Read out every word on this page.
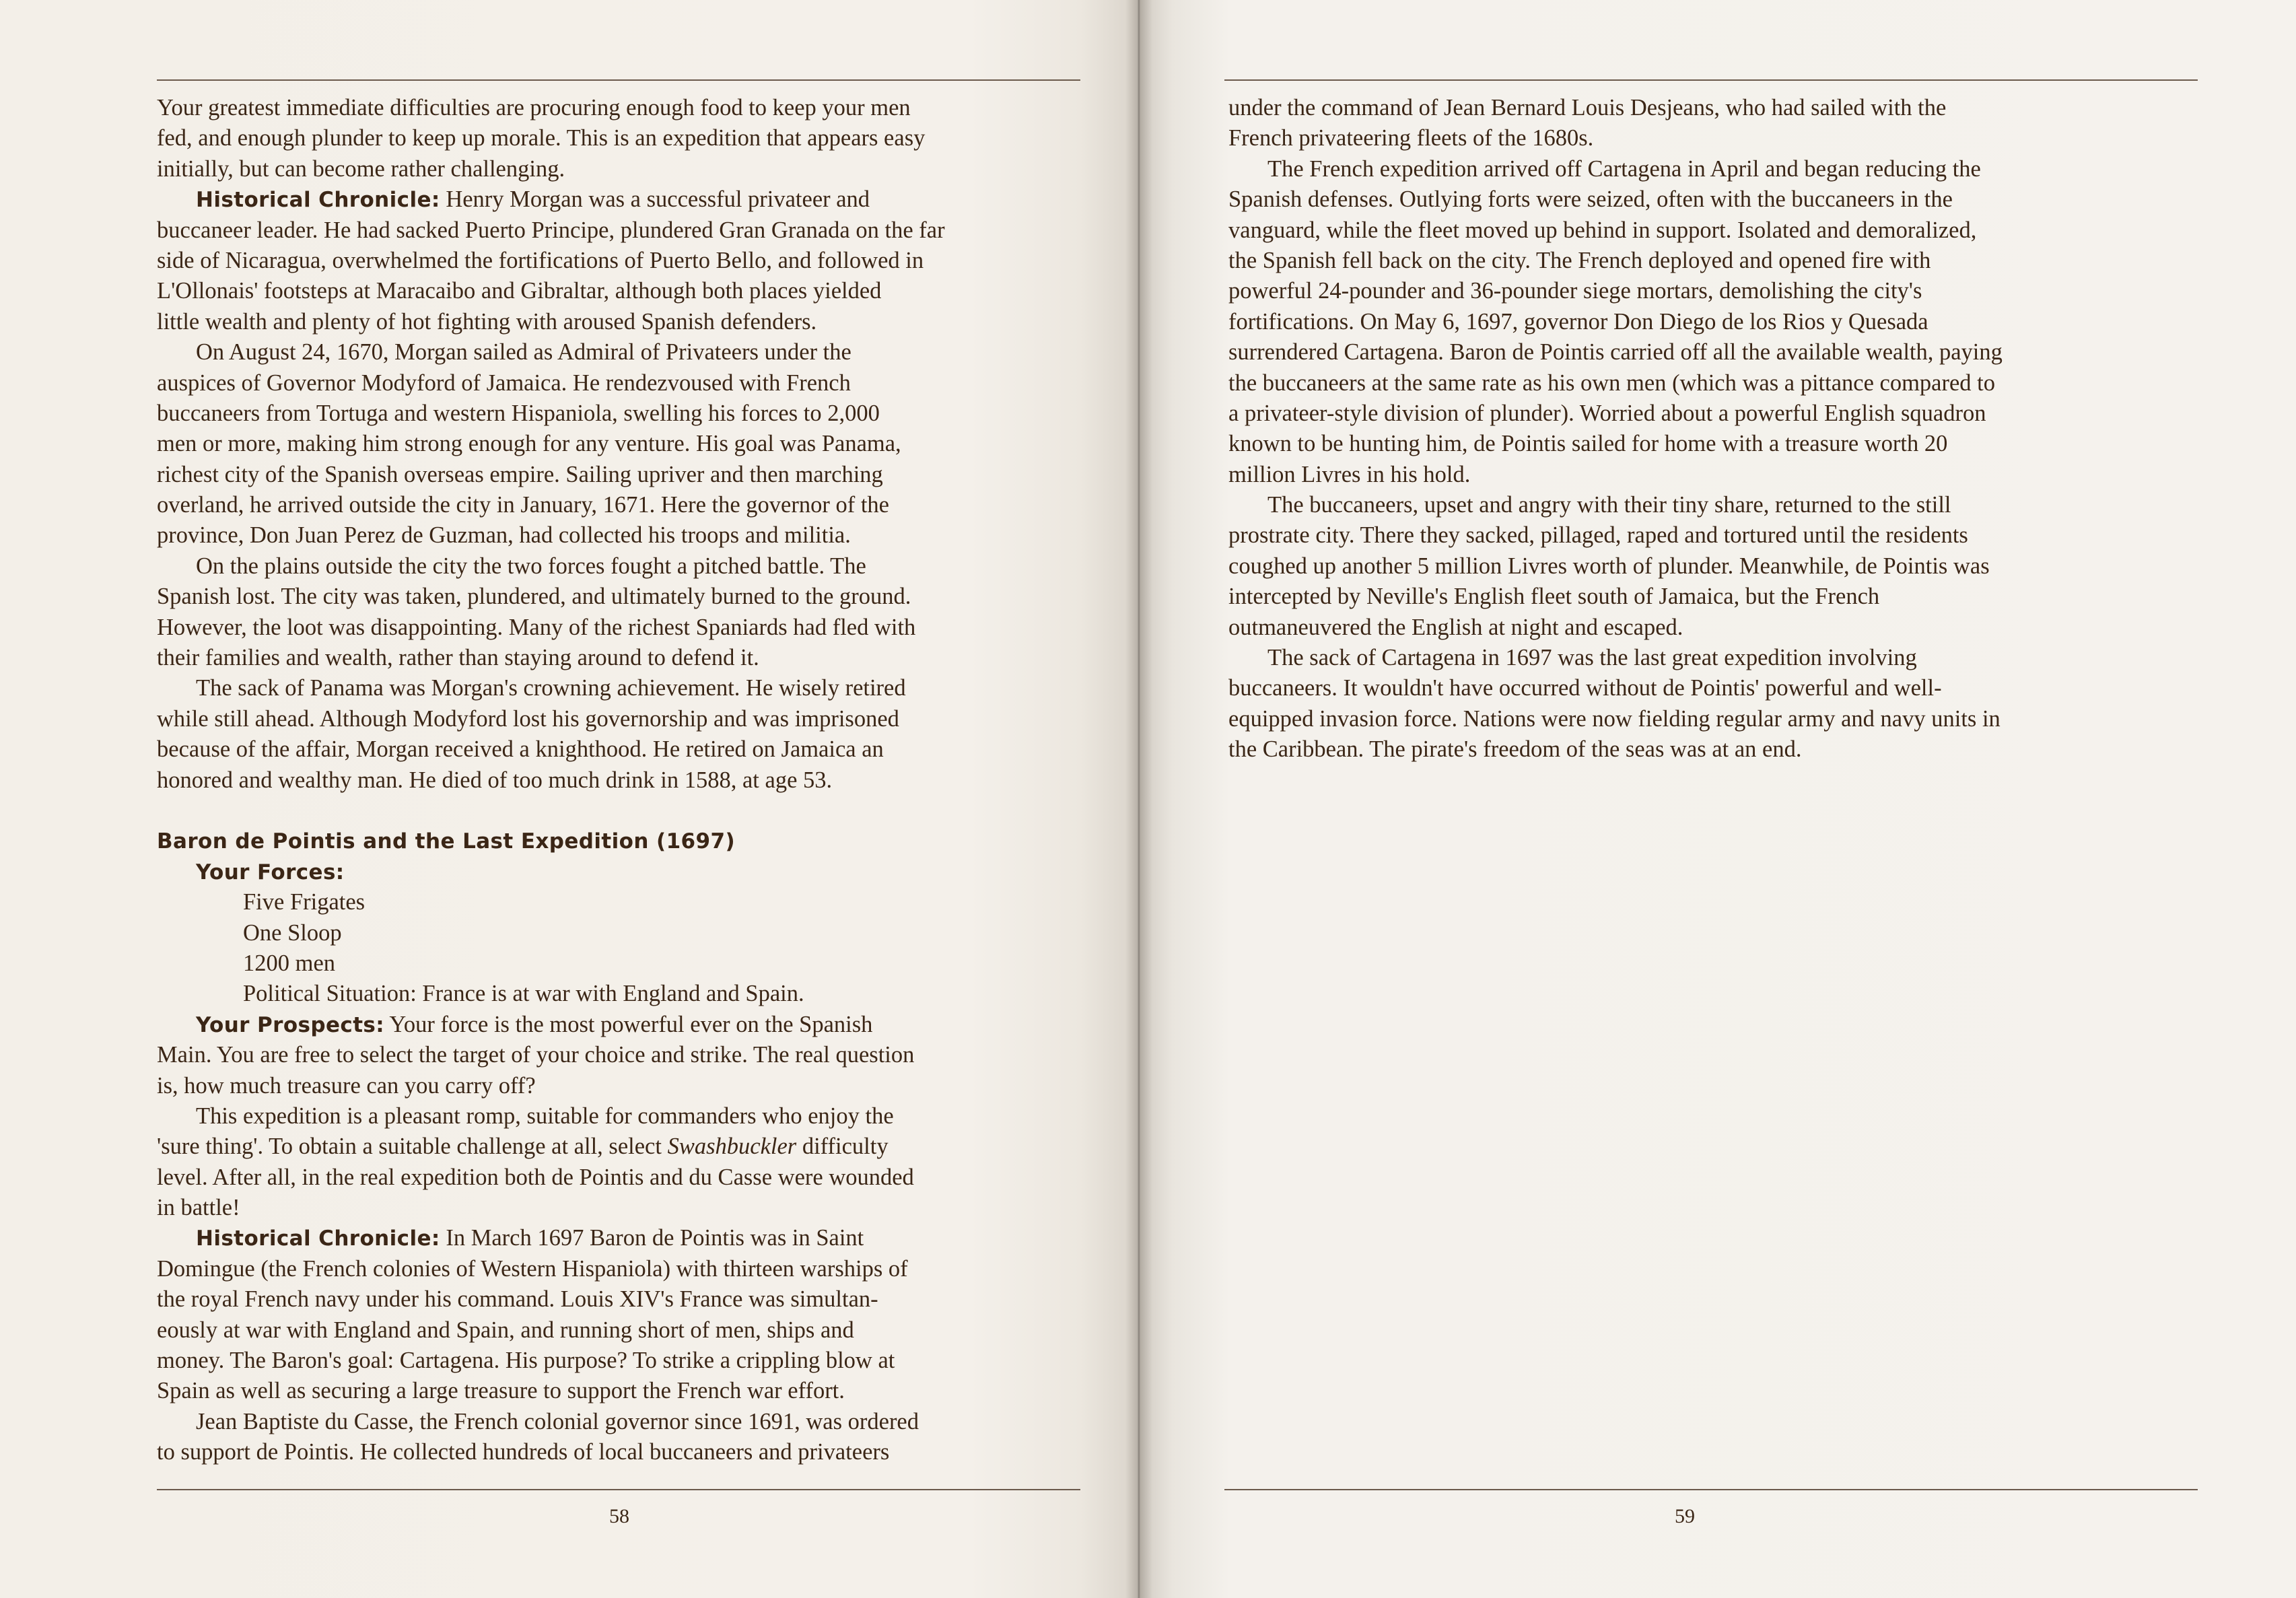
Your greatest immediate difficulties are procuring enough food to keep your men
fed, and enough plunder to keep up morale. This is an expedition that appears easy
initially, but can become rather challenging.
Historical Chronicle: Henry Morgan was a successful privateer and
buccaneer leader. He had sacked Puerto Principe, plundered Gran Granada on the far
side of Nicaragua, overwhelmed the fortifications of Puerto Bello, and followed in
L'Ollonais' footsteps at Maracaibo and Gibraltar, although both places yielded
little wealth and plenty of hot fighting with aroused Spanish defenders.
On August 24, 1670, Morgan sailed as Admiral of Privateers under the
auspices of Governor Modyford of Jamaica. He rendezvoused with French
buccaneers from Tortuga and western Hispaniola, swelling his forces to 2,000
men or more, making him strong enough for any venture. His goal was Panama,
richest city of the Spanish overseas empire. Sailing upriver and then marching
overland, he arrived outside the city in January, 1671. Here the governor of the
province, Don Juan Perez de Guzman, had collected his troops and militia.
On the plains outside the city the two forces fought a pitched battle. The
Spanish lost. The city was taken, plundered, and ultimately burned to the ground.
However, the loot was disappointing. Many of the richest Spaniards had fled with
their families and wealth, rather than staying around to defend it.
The sack of Panama was Morgan's crowning achievement. He wisely retired
while still ahead. Although Modyford lost his governorship and was imprisoned
because of the affair, Morgan received a knighthood. He retired on Jamaica an
honored and wealthy man. He died of too much drink in 1588, at age 53.
Baron de Pointis and the Last Expedition (1697)
Your Forces:
Five Frigates
One Sloop
1200 men
Political Situation: France is at war with England and Spain.
Your Prospects: Your force is the most powerful ever on the Spanish
Main. You are free to select the target of your choice and strike. The real question
is, how much treasure can you carry off?
This expedition is a pleasant romp, suitable for commanders who enjoy the
'sure thing'. To obtain a suitable challenge at all, select Swashbuckler difficulty
level. After all, in the real expedition both de Pointis and du Casse were wounded
in battle!
Historical Chronicle: In March 1697 Baron de Pointis was in Saint
Domingue (the French colonies of Western Hispaniola) with thirteen warships of
the royal French navy under his command. Louis XIV's France was simultan-
eously at war with England and Spain, and running short of men, ships and
money. The Baron's goal: Cartagena. His purpose? To strike a crippling blow at
Spain as well as securing a large treasure to support the French war effort.
Jean Baptiste du Casse, the French colonial governor since 1691, was ordered
to support de Pointis. He collected hundreds of local buccaneers and privateers
58
under the command of Jean Bernard Louis Desjeans, who had sailed with the
French privateering fleets of the 1680s.
The French expedition arrived off Cartagena in April and began reducing the
Spanish defenses. Outlying forts were seized, often with the buccaneers in the
vanguard, while the fleet moved up behind in support. Isolated and demoralized,
the Spanish fell back on the city. The French deployed and opened fire with
powerful 24-pounder and 36-pounder siege mortars, demolishing the city's
fortifications. On May 6, 1697, governor Don Diego de los Rios y Quesada
surrendered Cartagena. Baron de Pointis carried off all the available wealth, paying
the buccaneers at the same rate as his own men (which was a pittance compared to
a privateer-style division of plunder). Worried about a powerful English squadron
known to be hunting him, de Pointis sailed for home with a treasure worth 20
million Livres in his hold.
The buccaneers, upset and angry with their tiny share, returned to the still
prostrate city. There they sacked, pillaged, raped and tortured until the residents
coughed up another 5 million Livres worth of plunder. Meanwhile, de Pointis was
intercepted by Neville's English fleet south of Jamaica, but the French
outmaneuvered the English at night and escaped.
The sack of Cartagena in 1697 was the last great expedition involving
buccaneers. It wouldn't have occurred without de Pointis' powerful and well-
equipped invasion force. Nations were now fielding regular army and navy units in
the Caribbean. The pirate's freedom of the seas was at an end.
59
